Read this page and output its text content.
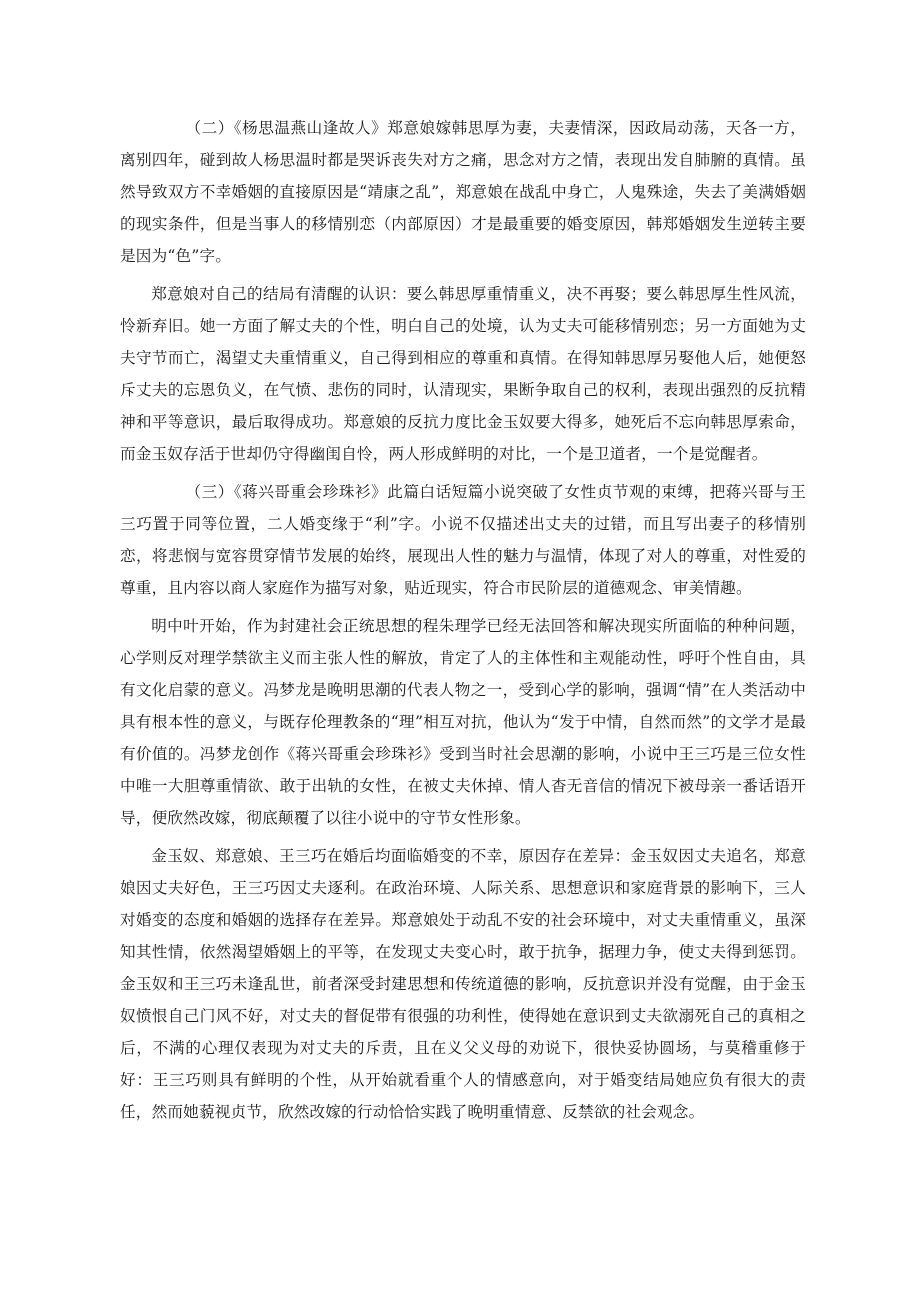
（二）《杨思温燕山逢故人》郑意娘嫁韩思厚为妻，夫妻情深，因政局动荡，天各一方，离别四年，碰到故人杨思温时都是哭诉丧失对方之痛，思念对方之情，表现出发自肺腑的真情。虽然导致双方不幸婚姻的直接原因是“靖康之乱”，郑意娘在战乱中身亡，人鬼殊途，失去了美满婚姻的现实条件，但是当事人的移情别恋（内部原因）才是最重要的婚变原因，韩郑婚姻发生逆转主要是因为“色”字。

郑意娘对自己的结局有清醒的认识：要么韩思厚重情重义，决不再娶；要么韩思厚生性风流，怜新弃旧。她一方面了解丈夫的个性，明白自己的处境，认为丈夫可能移情别恋；另一方面她为丈夫守节而亡，渴望丈夫重情重义，自己得到相应的尊重和真情。在得知韩思厚另娶他人后，她便怒斥丈夫的忘恩负义，在气愤、悲伤的同时，认清现实，果断争取自己的权利，表现出强烈的反抗精神和平等意识，最后取得成功。郑意娘的反抗力度比金玉奴要大得多，她死后不忘向韩思厚索命，而金玉奴存活于世却仍守得幽闺自怜，两人形成鲜明的对比，一个是卫道者，一个是觉醒者。

（三）《蒋兴哥重会珍珠衫》此篇白话短篇小说突破了女性贞节观的束缚，把蒋兴哥与王三巧置于同等位置，二人婚变缘于“利”字。小说不仅描述出丈夫的过错，而且写出妻子的移情别恋，将悲悯与宽容贯穿情节发展的始终，展现出人性的魅力与温情，体现了对人的尊重，对性爱的尊重，且内容以商人家庭作为描写对象，贴近现实，符合市民阶层的道德观念、审美情趣。

明中叶开始，作为封建社会正统思想的程朱理学已经无法回答和解决现实所面临的种种问题，心学则反对理学禁欲主义而主张人性的解放，肯定了人的主体性和主观能动性，呼吁个性自由，具有文化启蒙的意义。冯梦龙是晚明思潮的代表人物之一，受到心学的影响，强调“情”在人类活动中具有根本性的意义，与既存伦理教条的“理”相互对抗，他认为“发于中情，自然而然”的文学才是最有价值的。冯梦龙创作《蒋兴哥重会珍珠衫》受到当时社会思潮的影响，小说中王三巧是三位女性中唯一大胆尊重情欲、敢于出轨的女性，在被丈夫休掉、情人杳无音信的情况下被母亲一番话语开导，便欣然改嫁，彻底颠覆了以往小说中的守节女性形象。

金玉奴、郑意娘、王三巧在婚后均面临婚变的不幸，原因存在差异：金玉奴因丈夫追名，郑意娘因丈夫好色，王三巧因丈夫逐利。在政治环境、人际关系、思想意识和家庭背景的影响下，三人对婚变的态度和婚姻的选择存在差异。郑意娘处于动乱不安的社会环境中，对丈夫重情重义，虽深知其性情，依然渴望婚姻上的平等，在发现丈夫变心时，敢于抗争，据理力争，使丈夫得到惩罚。金玉奴和王三巧未逢乱世，前者深受封建思想和传统道德的影响，反抗意识并没有觉醒，由于金玉奴愤恨自己门风不好，对丈夫的督促带有很强的功利性，使得她在意识到丈夫欲溺死自己的真相之后，不满的心理仅表现为对丈夫的斥责，且在义父义母的劝说下，很快妥协圆场，与莫稽重修于好：王三巧则具有鲜明的个性，从开始就看重个人的情感意向，对于婚变结局她应负有很大的责任，然而她藐视贞节，欣然改嫁的行动恰恰实践了晚明重情意、反禁欲的社会观念。
